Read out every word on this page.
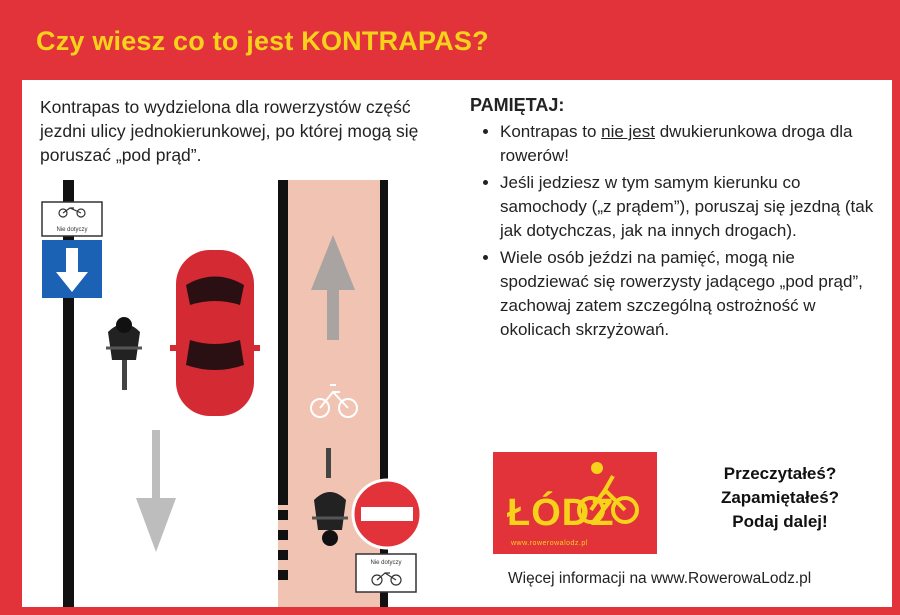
Czy wiesz co to jest KONTRAPAS?
Kontrapas to wydzielona dla rowerzystów część jezdni ulicy jednokierunkowej, po której mogą się poruszać „pod prąd”.
PAMIĘTAJ:
• Kontrapas to nie jest dwukierunkowa droga dla rowerów!
• Jeśli jedziesz w tym samym kierunku co samochody („z prądem”), poruszaj się jezdną (tak jak dotychczas, jak na innych drogach).
• Wiele osób jeździ na pamięć, mogą nie spodziewać się rowerzysty jadącego „pod prąd”, zachowaj zatem szczególną ostrożność w okolicach skrzyżowań.
Nie dotyczy
Nie dotyczy
ŁÓDŹ
www.rowerowalodz.pl
Przeczytałeś?
Zapamiętałeś?
Podaj dalej!
Więcej informacji na www.RowerowaLodz.pl
